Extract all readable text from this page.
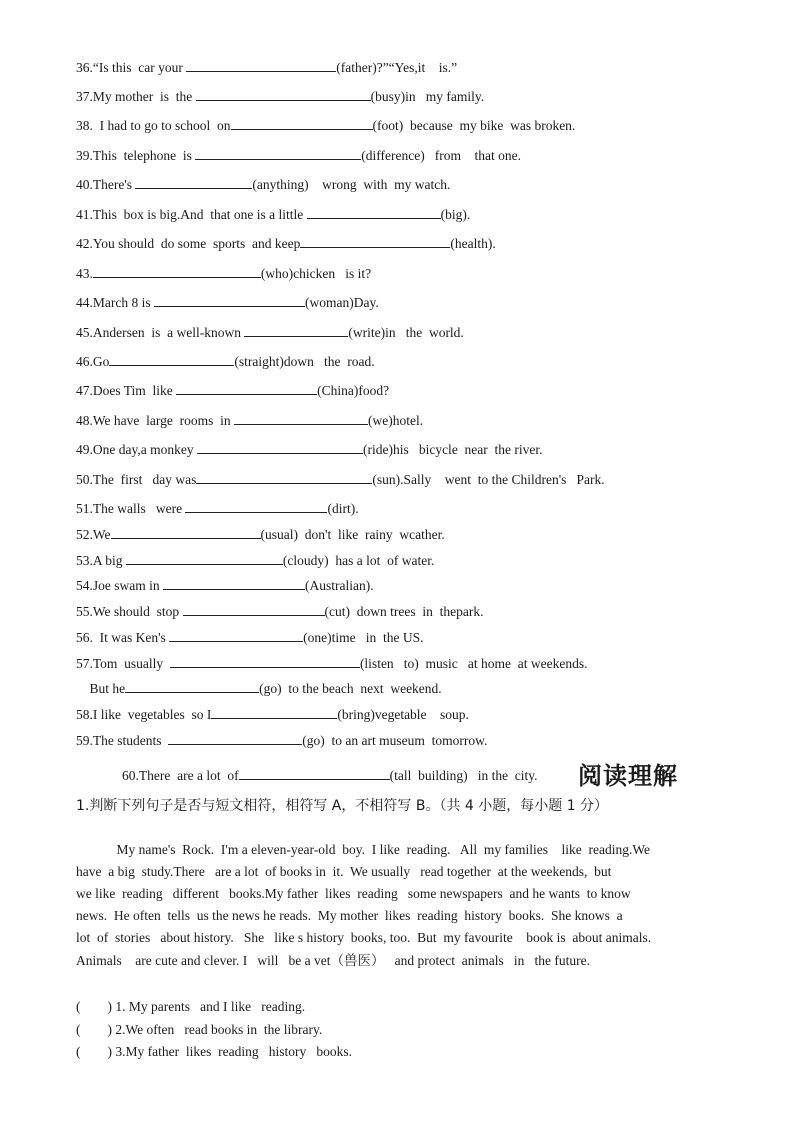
36.“Is this  car your	(father)?”“Yes,it    is.”
37.My mother  is  the	(busy)in   my family.
38.  I had to go to school  on	(foot)  because  my bike  was broken.
39.This  telephone  is	(difference)   from    that one.
40.There's	(anything)    wrong  with  my watch.
41.This  box is big.And  that one is a little	(big).
42.You should  do some  sports  and keep	(health).
43.	(who)chicken   is it?
44.March 8 is	(woman)Day.
45.Andersen  is  a well-known	(write)in   the  world.
46.Go	(straight)down   the  road.
47.Does Tim  like	(China)food?
48.We have  large  rooms  in	(we)hotel.
49.One day,a monkey	(ride)his   bicycle  near  the river.
50.The  first   day was	(sun).Sally    went  to the Children's   Park.
51.The walls   were	(dirt).
52.We	(usual)  don't  like  rainy  wcather.
53.A big	(cloudy)  has a lot  of water.
54.Joe swam in	(Australian).
55.We should  stop	(cut)  down trees  in  thepark.
56.  It was Ken's	(one)time   in  the US.
57.Tom  usually	(listen   to)  music   at home  at weekends.
But he	(go)  to the beach  next  weekend.
58.I like  vegetables  so I	(bring)vegetable    soup.
59.The students	(go)  to an art museum  tomorrow.
60.There  are a lot  of	(tall  building)   in the  city. 阅读理解
1.判断下列句子是否与短文相符，相符写 A，不相符写 B。（共 4 小题，每小题 1 分）
My name's  Rock.  I'm a eleven-year-old  boy.  I like  reading.   All  my families    like  reading.We
have  a big  study.There   are a lot  of books in  it.  We usually   read together  at the weekends,  but
we like  reading   different   books.My father  likes  reading   some newspapers  and he wants  to know
news.  He often  tells  us the news he reads.  My mother  likes  reading  history  books.  She knows  a
lot  of  stories   about history.   She   like s history  books, too.  But  my favourite    book is  about animals.
Animals    are cute and clever. I   will   be a vet（兽医）   and protect  animals   in   the future.
(        ) 1. My parents   and I like   reading.
(        ) 2.We often   read books in  the library.
(        ) 3.My father  likes  reading   history   books.
